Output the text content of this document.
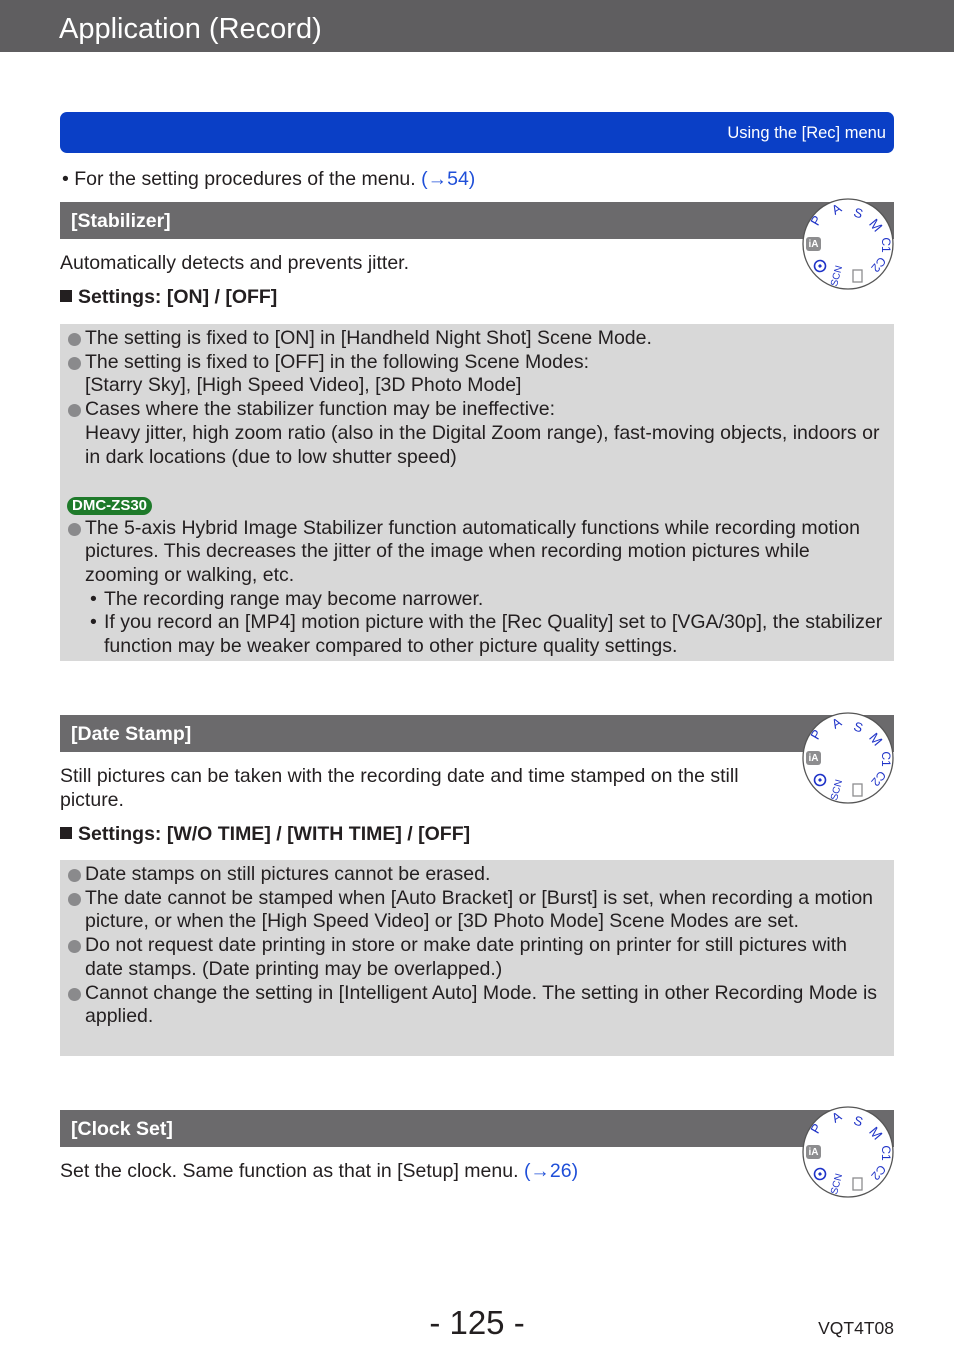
Application (Record)
Using the [Rec] menu
• For the setting procedures of the menu. (→54)
[Stabilizer]
iA
P
A S
M
C1
C2
SCN
Automatically detects and prevents jitter.
Settings: [ON] / [OFF]
The setting is fixed to [ON] in [Handheld Night Shot] Scene Mode.
The setting is fixed to [OFF] in the following Scene Modes:
[Starry Sky], [High Speed Video], [3D Photo Mode]
Cases where the stabilizer function may be ineffective:
Heavy jitter, high zoom ratio (also in the Digital Zoom range), fast-moving objects, indoors or in dark locations (due to low shutter speed)
DMC-ZS30
The 5-axis Hybrid Image Stabilizer function automatically functions while recording motion pictures. This decreases the jitter of the image when recording motion pictures while zooming or walking, etc.
• The recording range may become narrower.
• If you record an [MP4] motion picture with the [Rec Quality] set to [VGA/30p], the stabilizer function may be weaker compared to other picture quality settings.
[Date Stamp]
iA
P
A S
M
C1
C2
SCN
Still pictures can be taken with the recording date and time stamped on the still picture.
Settings: [W/O TIME] / [WITH TIME] / [OFF]
Date stamps on still pictures cannot be erased.
The date cannot be stamped when [Auto Bracket] or [Burst] is set, when recording a motion picture, or when the [High Speed Video] or [3D Photo Mode] Scene Modes are set.
Do not request date printing in store or make date printing on printer for still pictures with date stamps. (Date printing may be overlapped.)
Cannot change the setting in [Intelligent Auto] Mode. The setting in other Recording Mode is applied.
[Clock Set]
iA
P
A S
M
C1
C2
SCN
Set the clock. Same function as that in [Setup] menu. (→26)
- 125 -	VQT4T08
